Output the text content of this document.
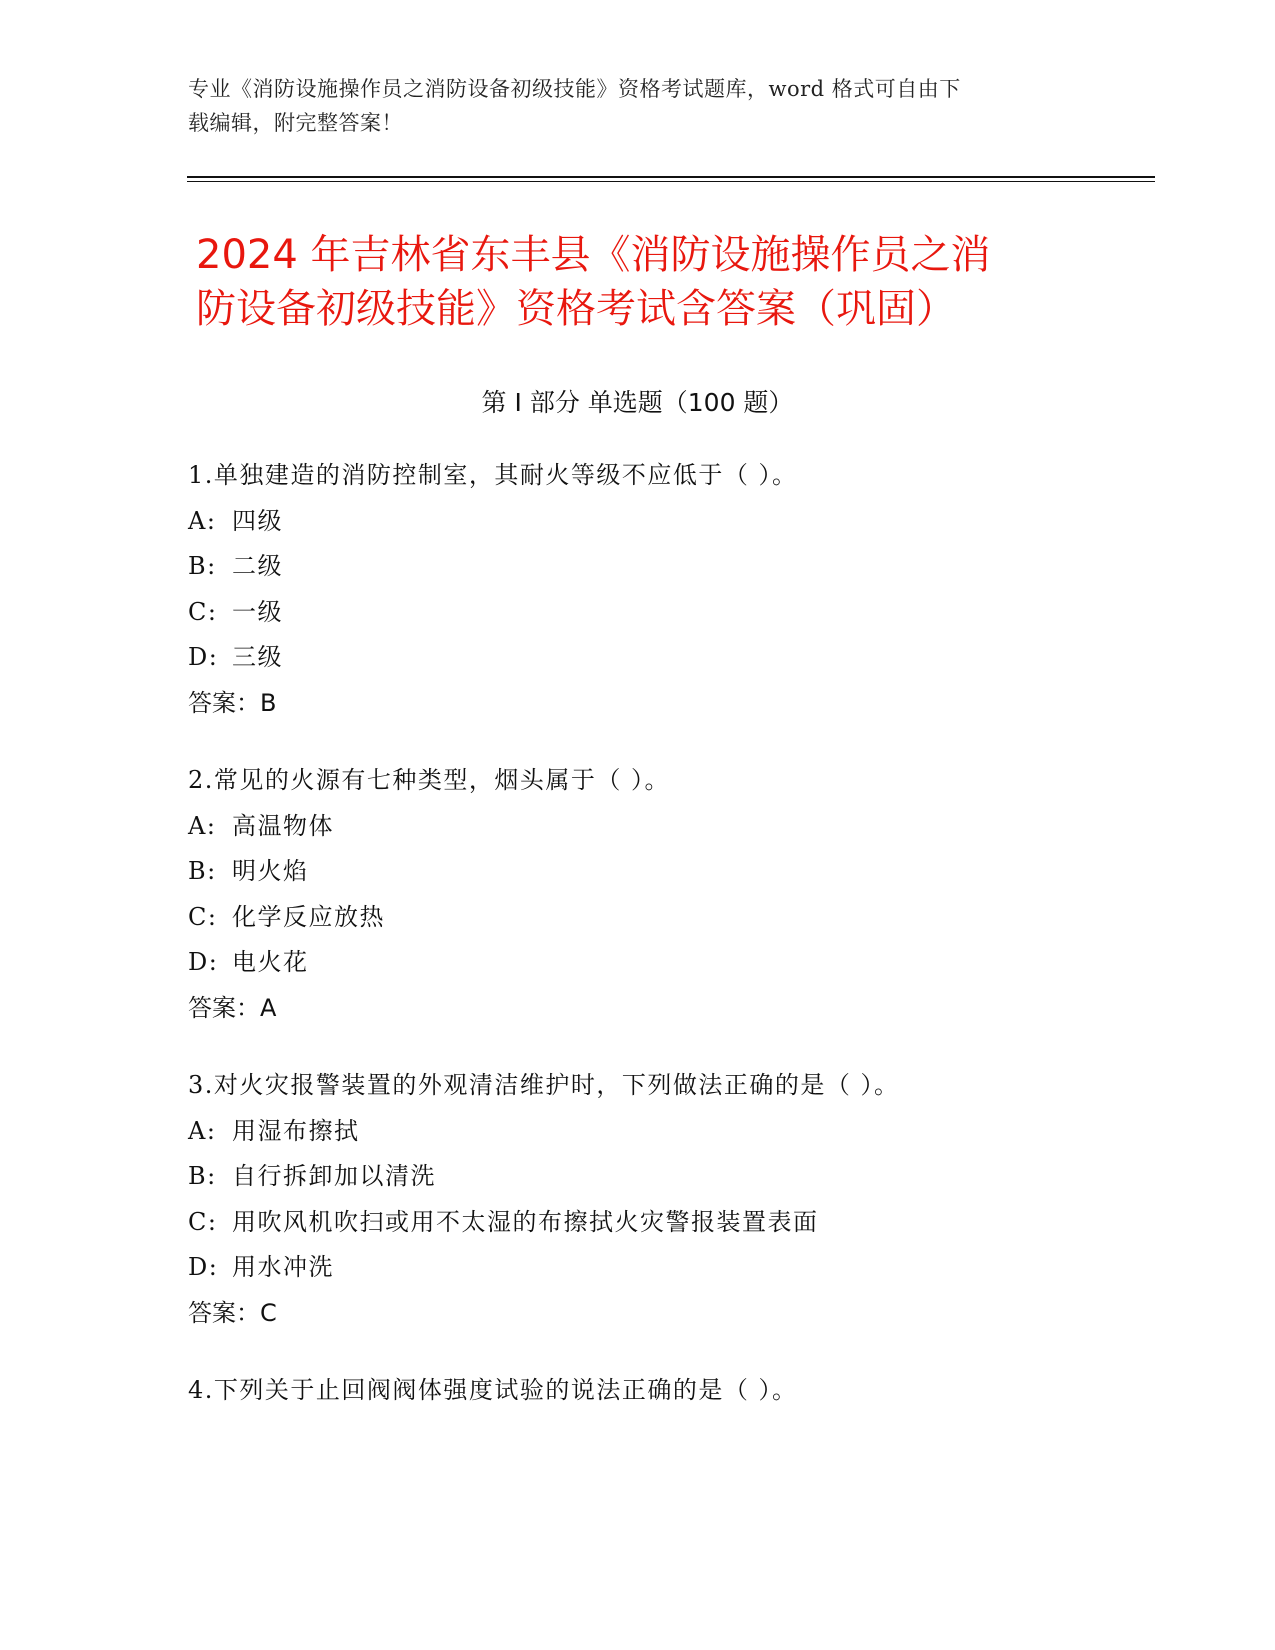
专业《消防设施操作员之消防设备初级技能》资格考试题库，word 格式可自由下
载编辑，附完整答案！
2024 年吉林省东丰县《消防设施操作员之消
防设备初级技能》资格考试含答案（巩固）
第 I 部分 单选题（100 题）
1.单独建造的消防控制室，其耐火等级不应低于（ ）。
A: 四级
B: 二级
C: 一级
D: 三级
答案：B
2.常见的火源有七种类型，烟头属于（ ）。
A: 高温物体
B: 明火焰
C: 化学反应放热
D: 电火花
答案：A
3.对火灾报警装置的外观清洁维护时，下列做法正确的是（ ）。
A: 用湿布擦拭
B: 自行拆卸加以清洗
C: 用吹风机吹扫或用不太湿的布擦拭火灾警报装置表面
D: 用水冲洗
答案：C
4.下列关于止回阀阀体强度试验的说法正确的是（ ）。
